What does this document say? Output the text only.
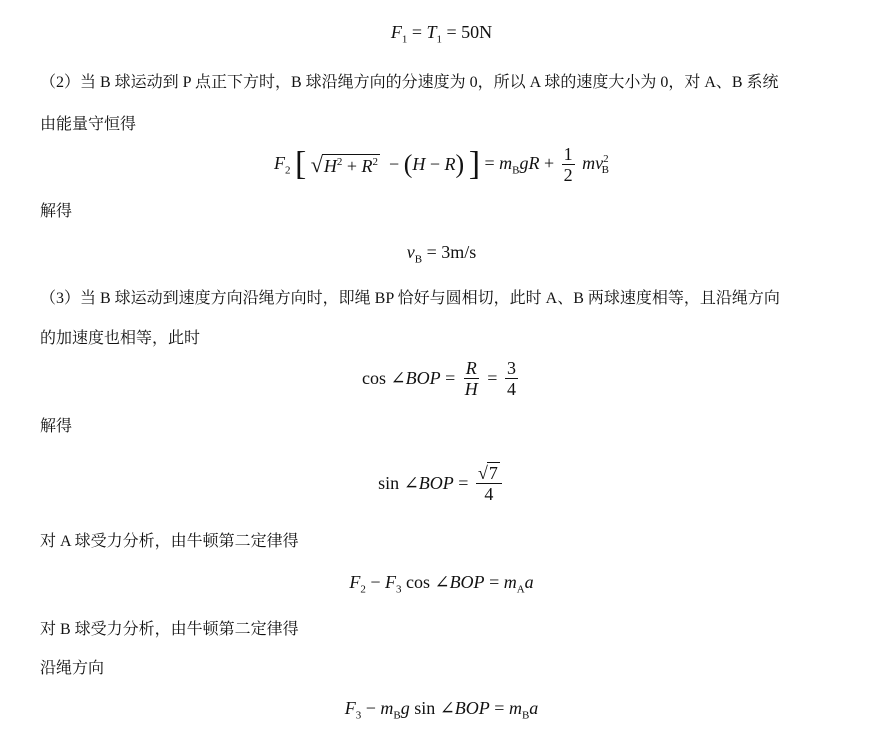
$F_1 = T_1 = 50N$
（2）当 B 球运动到 P 点正下方时，B 球沿绳方向的分速度为 0，所以 A 球的速度大小为 0，对 A、B 系统
由能量守恒得
$F_2$ [ $√H^2 + R^2 - (H - R)$ ] = $m_BgR + \frac{1}{2} mv^2_B$
解得
$v_B = 3m/s$
（3）当 B 球运动到速度方向沿绳方向时，即绳 BP 恰好与圆相切，此时 A、B 两球速度相等，且沿绳方向
的加速度也相等，此时
cos ∠BOP = $\frac{R}{H} = \frac{3}{4}$
解得
sin ∠BOP = $\frac{√7}{4}$
对 A 球受力分析，由牛顿第二定律得
$F_2 - F_3$ cos ∠BOP = $m_Aa$
对 B 球受力分析，由牛顿第二定律得
沿绳方向
$F_3 - m_Bg$ sin ∠BOP = $m_Ba$
